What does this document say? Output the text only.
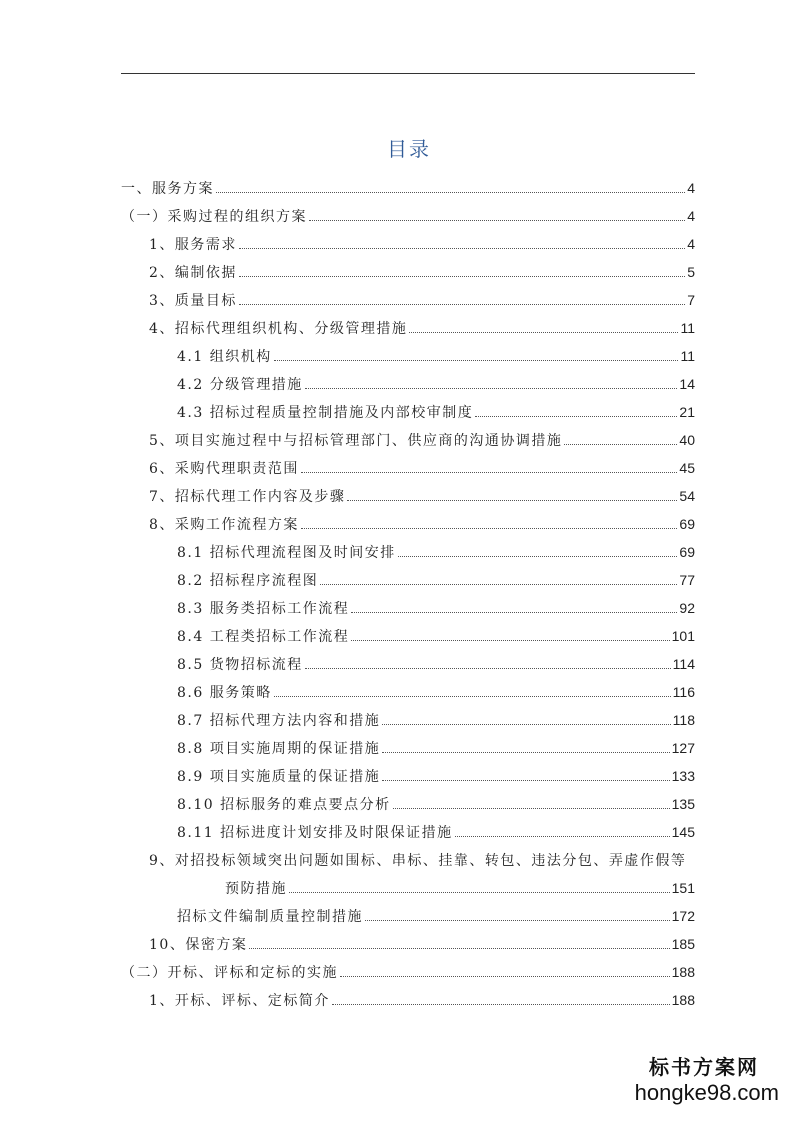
目录
一、服务方案	4
（一）采购过程的组织方案	4
1、服务需求	4
2、编制依据	5
3、质量目标	7
4、招标代理组织机构、分级管理措施	11
4.1 组织机构	11
4.2 分级管理措施	14
4.3 招标过程质量控制措施及内部校审制度	21
5、项目实施过程中与招标管理部门、供应商的沟通协调措施	40
6、采购代理职责范围	45
7、招标代理工作内容及步骤	54
8、采购工作流程方案	69
8.1 招标代理流程图及时间安排	69
8.2 招标程序流程图	77
8.3 服务类招标工作流程	92
8.4 工程类招标工作流程	101
8.5 货物招标流程	114
8.6 服务策略	116
8.7 招标代理方法内容和措施	118
8.8 项目实施周期的保证措施	127
8.9 项目实施质量的保证措施	133
8.10 招标服务的难点要点分析	135
8.11 招标进度计划安排及时限保证措施	145
9、对招投标领域突出问题如围标、串标、挂靠、转包、违法分包、弄虚作假等
预防措施	151
招标文件编制质量控制措施	172
10、保密方案	185
（二）开标、评标和定标的实施	188
1、开标、评标、定标简介	188
标书方案网
hongke98.com
